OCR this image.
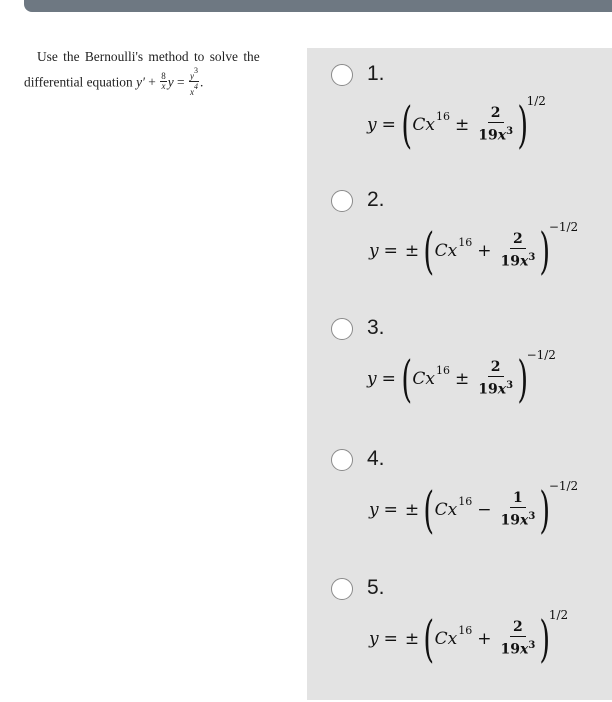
Use the Bernoulli's method to solve the
differential equation $y' + \frac{8}{x}$ $y = \frac{y3}{x4}$ .	1.
y = ( C x $16 \pm \frac{2}{19x^3}$ )
1/2
2.
y = ± ( C x $16 + \frac{2}{19x^3}$ )
−1/2
3.
y = ( C x $16 \pm \frac{2}{19x^3}$ )
−1/2
4.
y = ± ( C x $16 - \frac{1}{19x^3}$ )
−1/2
5.
y = ± ( C x $16 + \frac{2}{19x^3}$ )
1/2
